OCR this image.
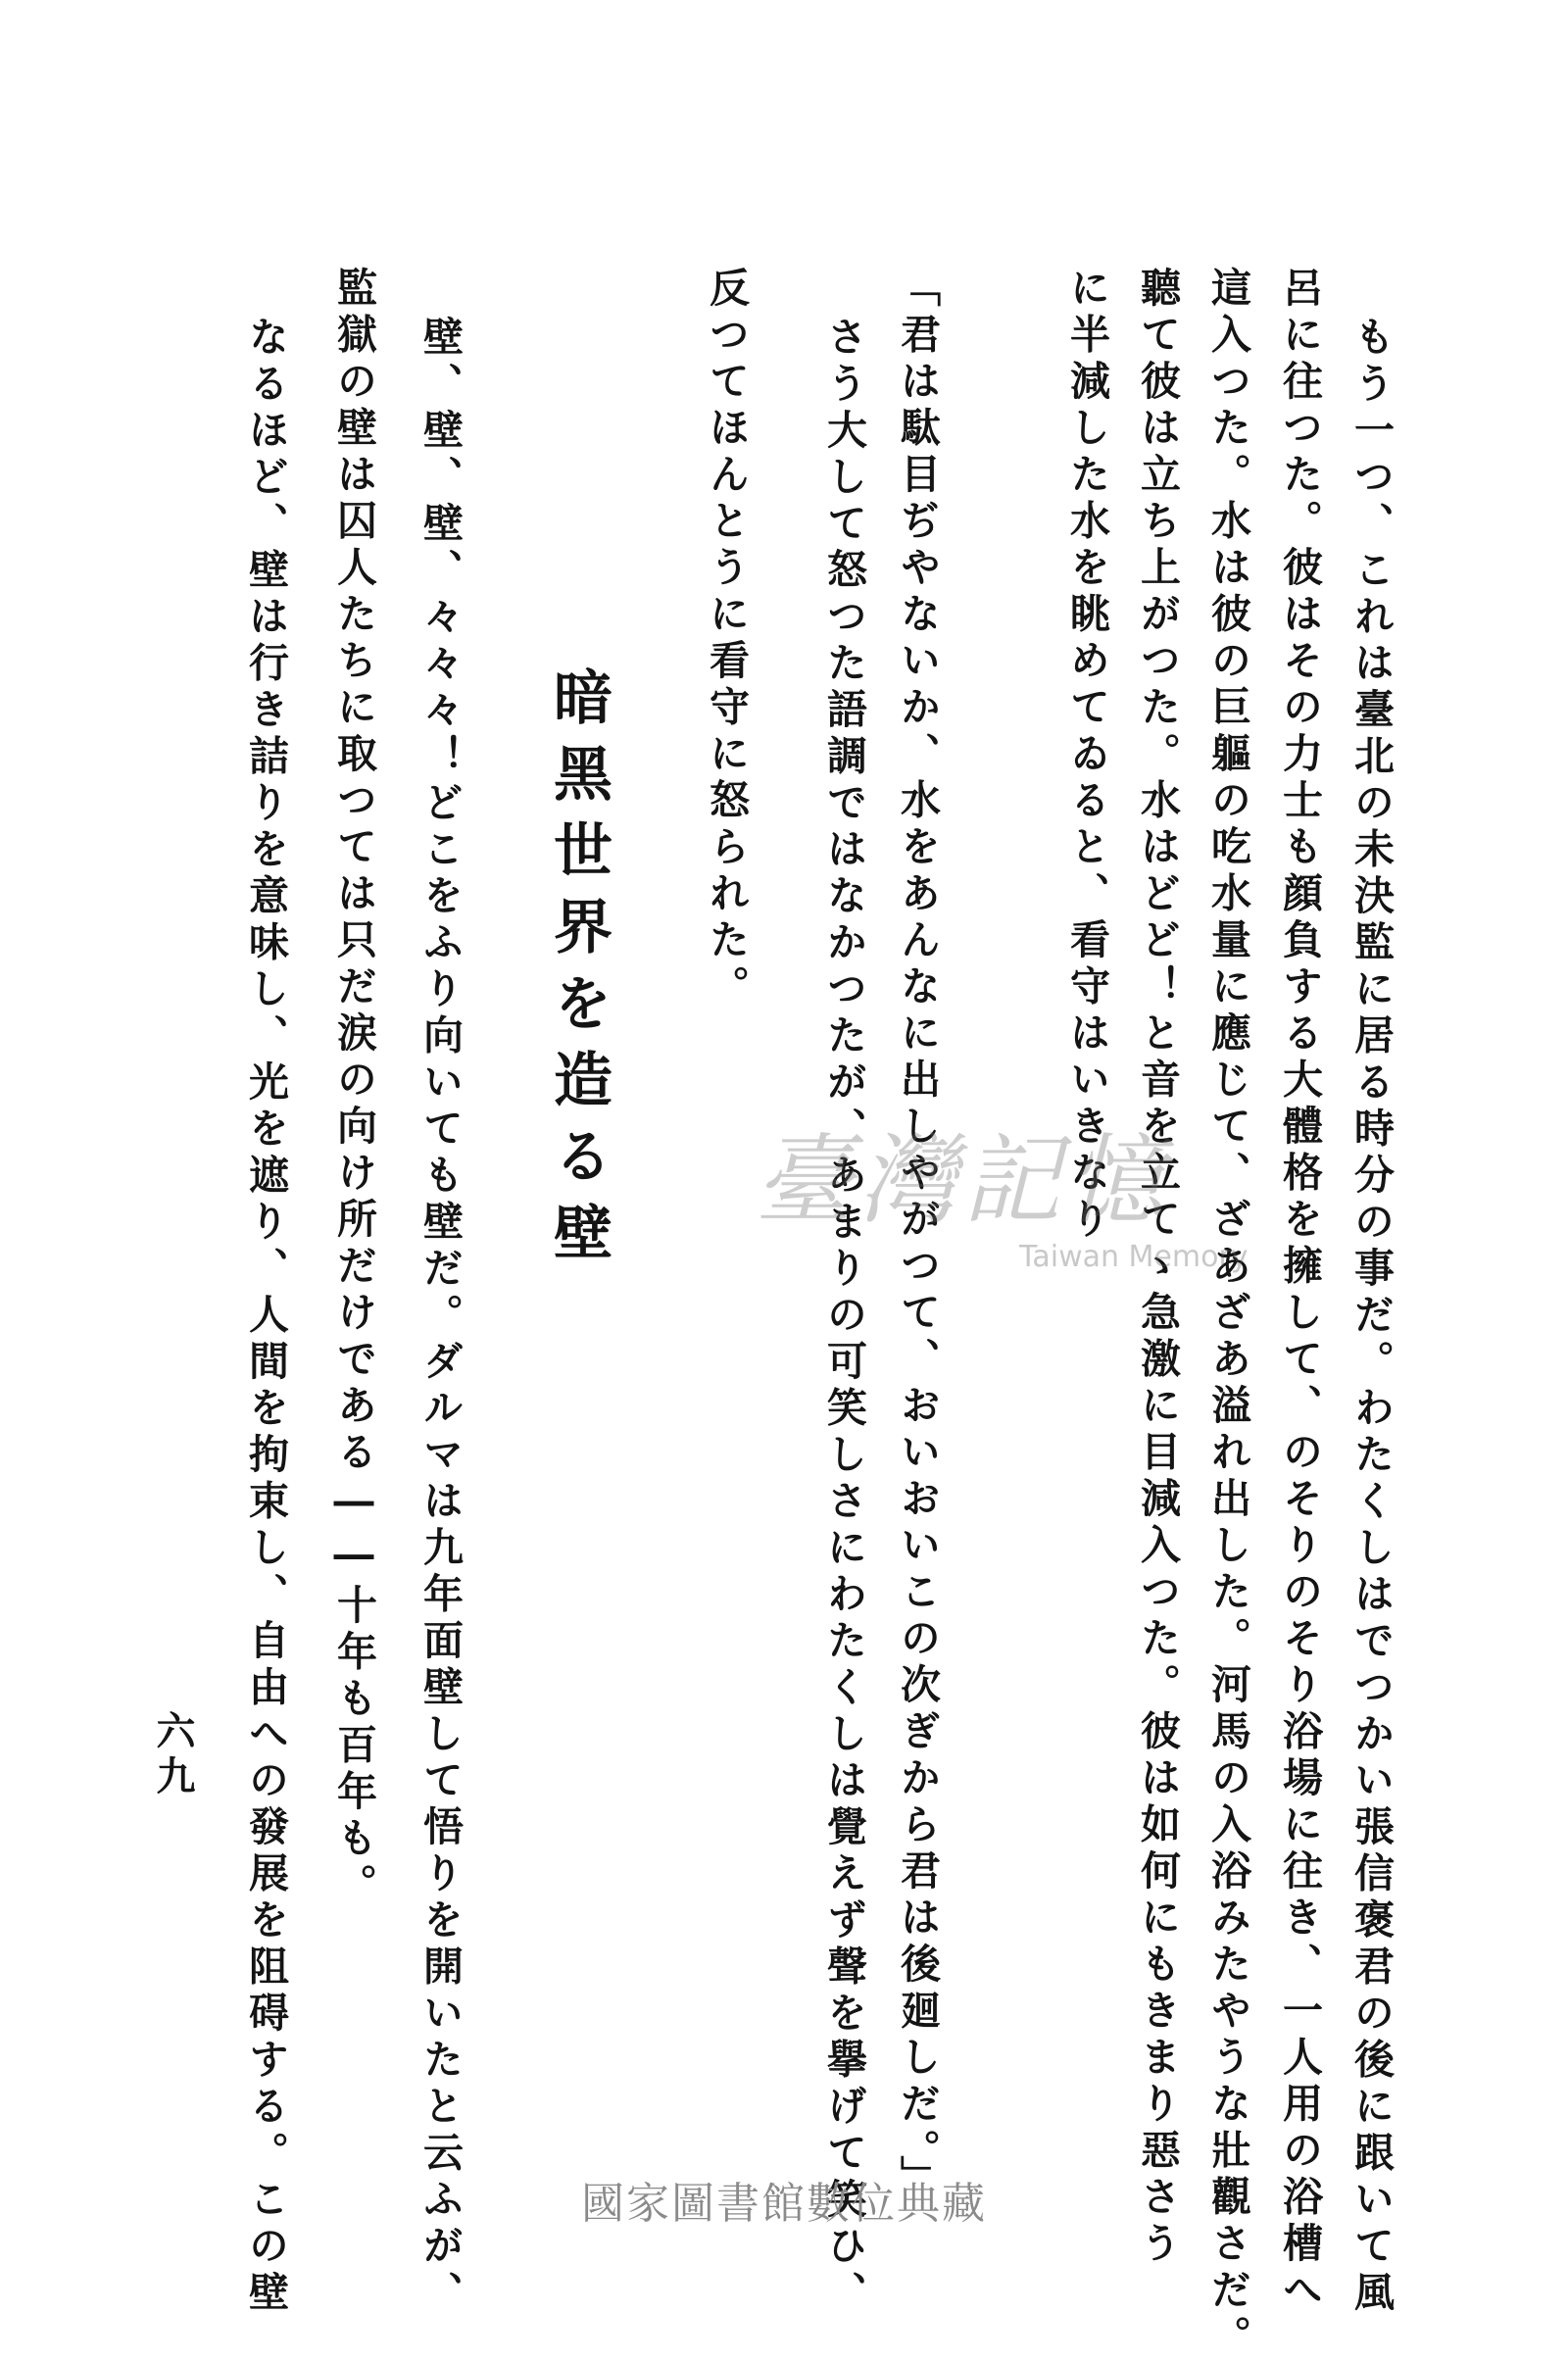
もう一つ、これは臺北の未決監に居る時分の事だ。わたくしはでつかい張信褒君の後に跟いて風
呂に往つた。彼はその力士も顔負する大體格を擁して、のそりのそり浴場に往き、一人用の浴槽へ
這入つた。水は彼の巨軀の吃水量に應じて、ざあざあ溢れ出した。河馬の入浴みたやうな壯觀さだ。
聽て彼は立ち上がつた。水はどど！と音を立てゝ急激に目減入つた。彼は如何にもきまり惡さう
に半減した水を眺めてゐると、看守はいきなり
「君は駄目ぢやないか、水をあんなに出しやがつて、おいおいこの次ぎから君は後廻しだ。」
さう大して怒つた語調ではなかつたが、あまりの可笑しさにわたくしは覺えず聲を擧げて笑ひ、
反つてほんとうに看守に怒られた。
暗黑世界を造る壁
壁、壁、壁、々々々！どこをふり向いても壁だ。ダルマは九年面壁して悟りを開いたと云ふが、
監獄の壁は囚人たちに取つては只だ涙の向け所だけである――十年も百年も。
なるほど、壁は行き詰りを意味し、光を遮り、人間を拘束し、自由への發展を阻碍する。この壁
六九
臺灣記憶
Taiwan Memory
國家圖書館數位典藏
